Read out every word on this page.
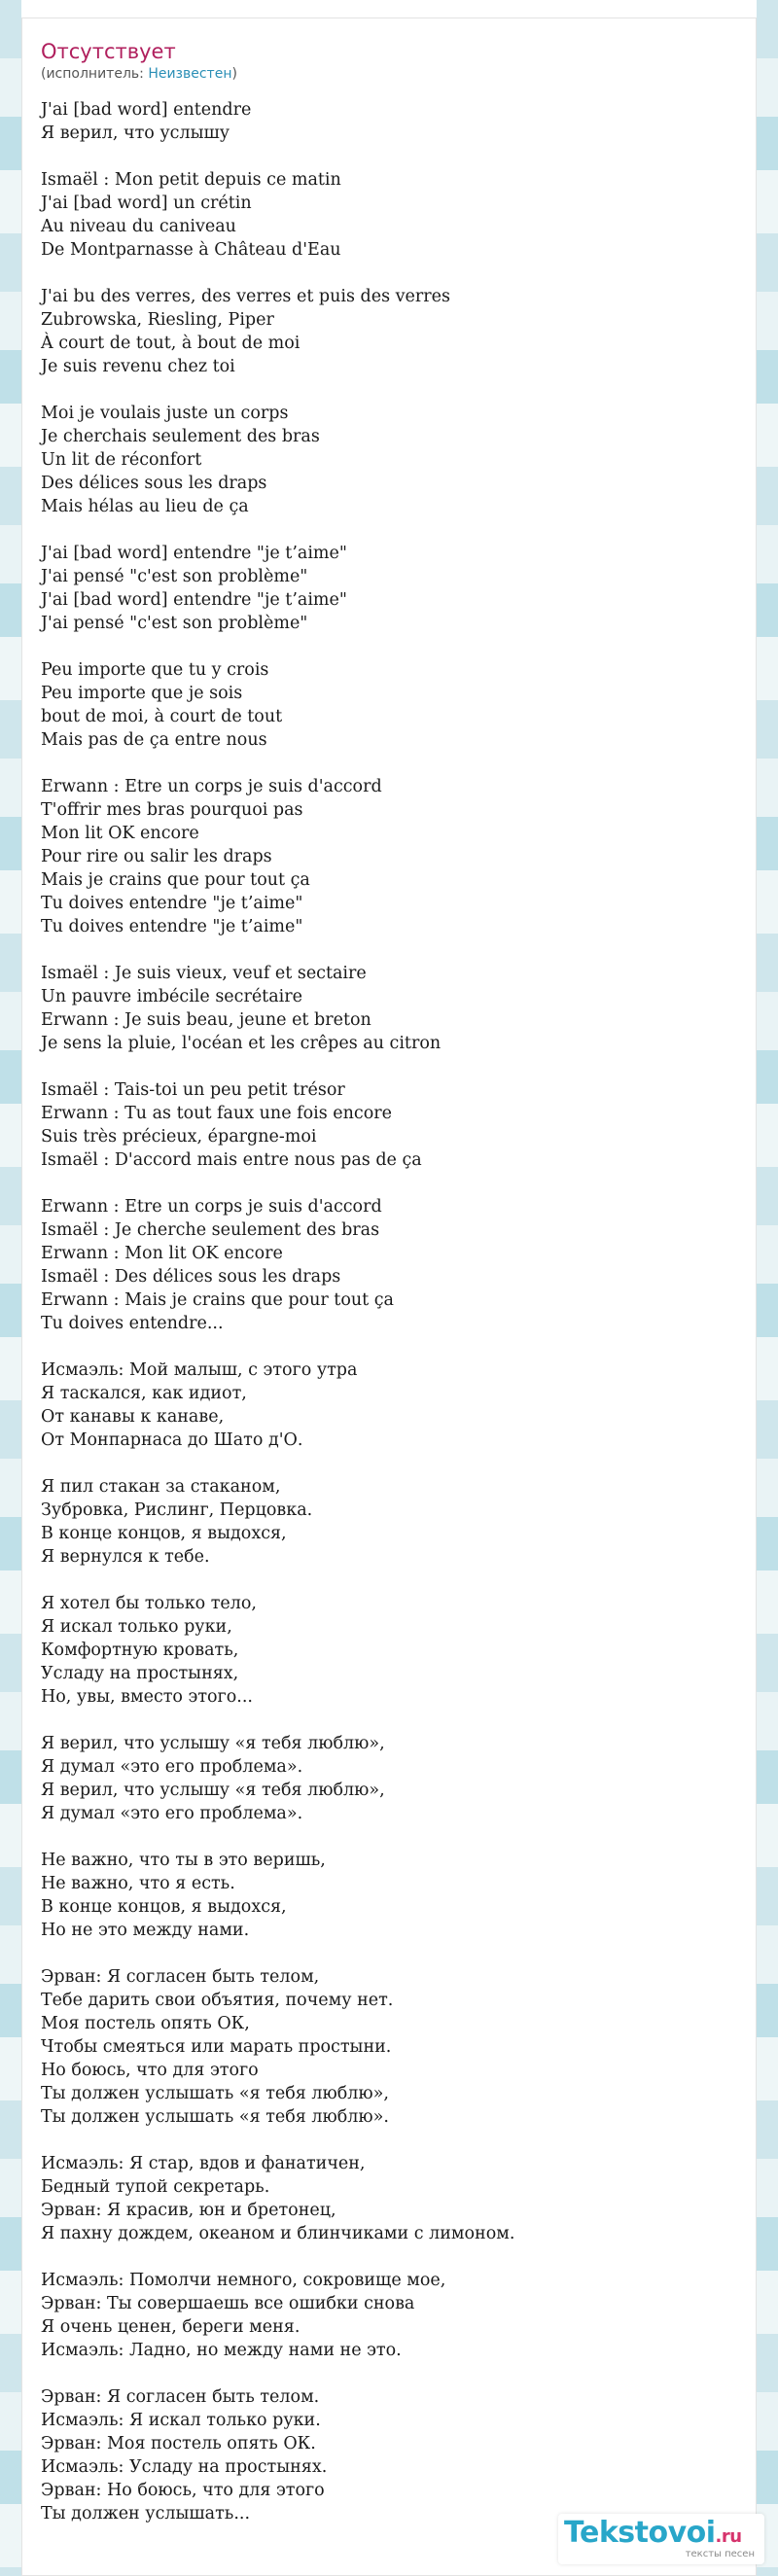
Отсутствует
(исполнитель: Неизвестен)
J'ai [bad word] entendre
Я верил, что услышу

Ismaël : Mon petit depuis ce matin
J'ai [bad word] un crétin
Au niveau du caniveau
De Montparnasse à Château d'Eau

J'ai bu des verres, des verres et puis des verres
Zubrowska, Riesling, Piper
À court de tout, à bout de moi
Je suis revenu chez toi

Moi je voulais juste un corps
Je cherchais seulement des bras
Un lit de réconfort
Des délices sous les draps
Mais hélas au lieu de ça

J'ai [bad word] entendre "je t’aime"
J'ai pensé "c'est son problème"
J'ai [bad word] entendre "je t’aime"
J'ai pensé "c'est son problème"

Peu importe que tu y crois
Peu importe que je sois
bout de moi, à court de tout
Mais pas de ça entre nous

Erwann : Etre un corps je suis d'accord
T'offrir mes bras pourquoi pas
Mon lit OK encore
Pour rire ou salir les draps
Mais je crains que pour tout ça
Tu doives entendre "je t’aime"
Tu doives entendre "je t’aime"

Ismaël : Je suis vieux, veuf et sectaire
Un pauvre imbécile secrétaire
Erwann : Je suis beau, jeune et breton
Je sens la pluie, l'océan et les crêpes au citron

Ismaël : Tais-toi un peu petit trésor
Erwann : Tu as tout faux une fois encore
Suis très précieux, épargne-moi
Ismaël : D'accord mais entre nous pas de ça

Erwann : Etre un corps je suis d'accord
Ismaël : Je cherche seulement des bras
Erwann : Mon lit OK encore
Ismaël : Des délices sous les draps
Erwann : Mais je crains que pour tout ça
Tu doives entendre...

Исмаэль: Мой малыш, с этого утра
Я таскался, как идиот,
От канавы к канаве,
От Монпарнаса до Шато д'О.

Я пил стакан за стаканом,
Зубровка, Рислинг, Перцовка.
В конце концов, я выдохся,
Я вернулся к тебе.

Я хотел бы только тело,
Я искал только руки,
Комфортную кровать,
Усладу на простынях,
Но, увы, вместо этого...

Я верил, что услышу «я тебя люблю»,
Я думал «это его проблема».
Я верил, что услышу «я тебя люблю»,
Я думал «это его проблема».

Не важно, что ты в это веришь,
Не важно, что я есть.
В конце концов, я выдохся,
Но не это между нами.

Эрван: Я согласен быть телом,
Тебе дарить свои объятия, почему нет.
Моя постель опять ОК,
Чтобы смеяться или марать простыни.
Но боюсь, что для этого
Ты должен услышать «я тебя люблю»,
Ты должен услышать «я тебя люблю».

Исмаэль: Я стар, вдов и фанатичен,
Бедный тупой секретарь.
Эрван: Я красив, юн и бретонец,
Я пахну дождем, океаном и блинчиками с лимоном.

Исмаэль: Помолчи немного, сокровище мое,
Эрван: Ты совершаешь все ошибки снова
Я очень ценен, береги меня.
Исмаэль: Ладно, но между нами не это.

Эрван: Я согласен быть телом.
Исмаэль: Я искал только руки.
Эрван: Моя постель опять ОК.
Исмаэль: Усладу на простынях.
Эрван: Но боюсь, что для этого
Ты должен услышать...
Tekstovoi.ru
тексты песен
